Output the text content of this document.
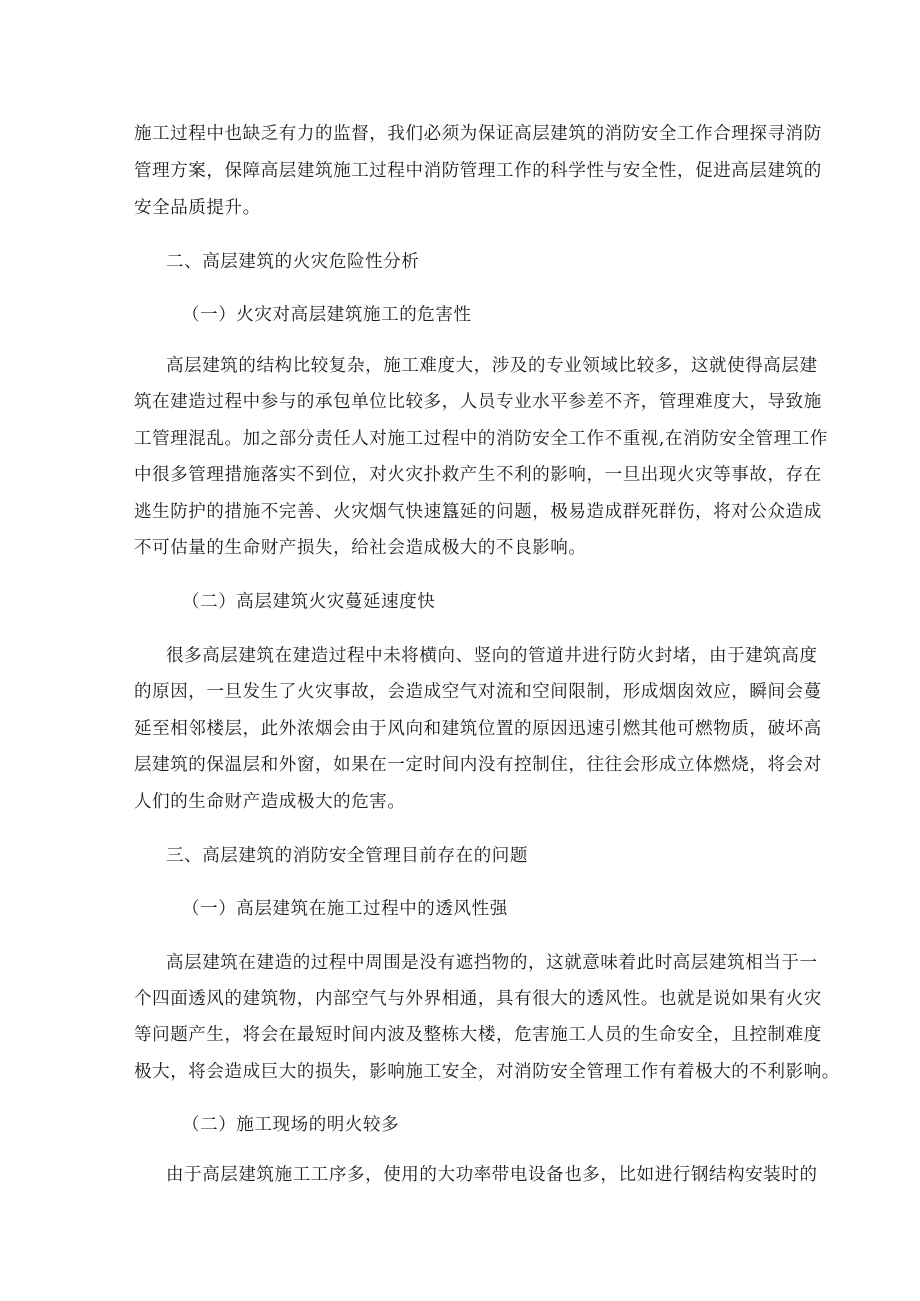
施工过程中也缺乏有力的监督，我们必须为保证高层建筑的消防安全工作合理探寻消防
管理方案，保障高层建筑施工过程中消防管理工作的科学性与安全性，促进高层建筑的
安全品质提升。
二、高层建筑的火灾危险性分析
（一）火灾对高层建筑施工的危害性
高层建筑的结构比较复杂，施工难度大，涉及的专业领域比较多，这就使得高层建
筑在建造过程中参与的承包单位比较多，人员专业水平参差不齐，管理难度大，导致施
工管理混乱。加之部分责任人对施工过程中的消防安全工作不重视,在消防安全管理工作
中很多管理措施落实不到位，对火灾扑救产生不利的影响，一旦出现火灾等事故，存在
逃生防护的措施不完善、火灾烟气快速簋延的问题，极易造成群死群伤，将对公众造成
不可估量的生命财产损失，给社会造成极大的不良影响。
（二）高层建筑火灾蔓延速度快
很多高层建筑在建造过程中未将横向、竖向的管道井进行防火封堵，由于建筑高度
的原因，一旦发生了火灾事故，会造成空气对流和空间限制，形成烟囱效应，瞬间会蔓
延至相邻楼层，此外浓烟会由于风向和建筑位置的原因迅速引燃其他可燃物质，破坏高
层建筑的保温层和外窗，如果在一定时间内没有控制住，往往会形成立体燃烧，将会对
人们的生命财产造成极大的危害。
三、高层建筑的消防安全管理目前存在的问题
（一）高层建筑在施工过程中的透风性强
高层建筑在建造的过程中周围是没有遮挡物的，这就意味着此时高层建筑相当于一
个四面透风的建筑物，内部空气与外界相通，具有很大的透风性。也就是说如果有火灾
等问题产生，将会在最短时间内波及整栋大楼，危害施工人员的生命安全，且控制难度
极大，将会造成巨大的损失，影响施工安全，对消防安全管理工作有着极大的不利影响。
（二）施工现场的明火较多
由于高层建筑施工工序多，使用的大功率带电设备也多，比如进行钢结构安装时的
